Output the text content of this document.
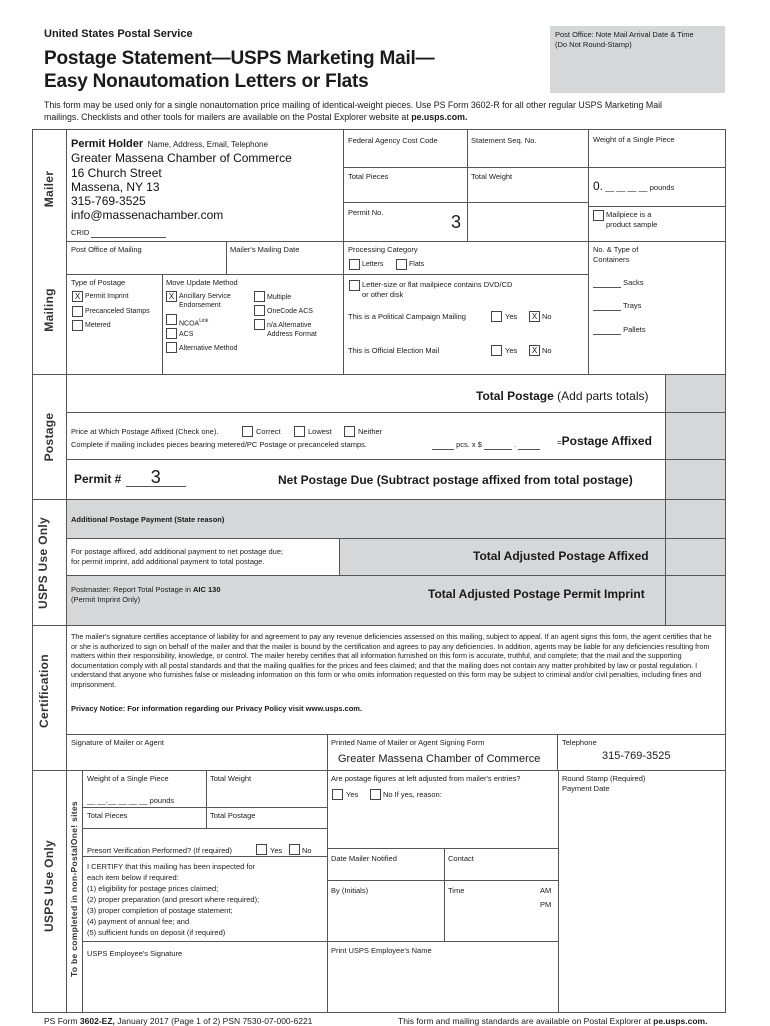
United States Postal Service
Postage Statement—USPS Marketing Mail—
Easy Nonautomation Letters or Flats
Post Office: Note Mail Arrival Date & Time
(Do Not Round-Stamp)
This form may be used only for a single nonautomation price mailing of identical-weight pieces. Use PS Form 3602-R for all other regular USPS Marketing Mail
mailings. Checklists and other tools for mailers are available on the Postal Explorer website at pe.usps.com.
Mailer
Mailing
Permit Holder Name, Address, Email, Telephone
Greater Massena Chamber of Commerce
16 Church Street
Massena, NY 13
315-769-3525
info@massenachamber.com
CRID
Federal Agency Cost Code	Statement Seq. No.	Weight of a Single Piece
0. __ __ __ __ pounds
Total Pieces	Total Weight
Permit No.	3	Mailpiece is a
product sample
Post Office of Mailing	Mailer's Mailing Date	Processing Category
Letters	Flats
No. & Type of
Containers
Sacks
Trays
Pallets
Type of Postage
X Permit Imprint
Precanceled Stamps
Metered
Move Update Method
X Ancillary Service
Endorsement
Multiple
OneCode ACS
$NCOA^{Link}$
n/a Alternative
Address Format
ACS
Alternative Method
Letter-size or flat mailpiece contains DVD/CD
or other disk
This is a Political Campaign Mailing	Yes	X No
This is Official Election Mail	Yes	X No
Postage
Total Postage (Add parts totals)
Price at Which Postage Affixed (Check one).	Correct	Lowest	Neither
Complete if mailing includes pieces bearing metered/PC Postage or precanceled stamps.	pcs. x $	.	=Postage Affixed
Permit # 3	Net Postage Due (Subtract postage affixed from total postage)
USPS Use Only	Additional Postage Payment (State reason)
For postage affixed, add additional payment to net postage due;
for permit imprint, add additional payment to total postage.	Total Adjusted Postage Affixed
Postmaster: Report Total Postage in AIC 130
(Permit Imprint Only)	Total Adjusted Postage Permit Imprint
Certification
The mailer's signature certifies acceptance of liability for and agreement to pay any revenue deficiencies assessed on this mailing, subject to appeal. If an agent signs this form, the agent certifies that he or she is authorized to sign on behalf of the mailer and that the mailer is bound by the certification and agrees to pay any deficiencies. In addition, agents may be liable for any deficiencies resulting from matters within their responsibility, knowledge, or control. The mailer hereby certifies that all information furnished on this form is accurate, truthful, and complete; that the mail and the supporting documentation comply with all postal standards and that the mailing qualifies for the prices and fees claimed; and that the mailing does not contain any matter prohibited by law or postal regulation. I understand that anyone who furnishes false or misleading information on this form or who omits information requested on this form may be subject to criminal and/or civil penalties, including fines and imprisonment.
Privacy Notice: For information regarding our Privacy Policy visit www.usps.com.
Signature of Mailer or Agent	Printed Name of Mailer or Agent Signing Form
Greater Massena Chamber of Commerce
Telephone
315-769-3525
USPS Use Only To be completed in non-PostalOne! sites
Weight of a Single Piece
__ __.__ __ __ __ pounds
Total Weight
Total Pieces	Total Postage
Are postage figures at left adjusted from mailer's entries?
Yes	No If yes, reason:
Round Stamp (Required)
Payment Date
Presort Verification Performed? (If required)	Yes	No
I CERTIFY that this mailing has been inspected for
each item below if required:
(1) eligibility for postage prices claimed;
(2) proper preparation (and presort where required);
(3) proper completion of postage statement;
(4) payment of annual fee; and
(5) sufficient funds on deposit (if required)
Date Mailer Notified	Contact
By (Initials)	Time	AM
PM
USPS Employee's Signature	Print USPS Employee's Name
PS Form 3602-EZ, January 2017 (Page 1 of 2) PSN 7530-07-000-6221	This form and mailing standards are available on Postal Explorer at pe.usps.com.
